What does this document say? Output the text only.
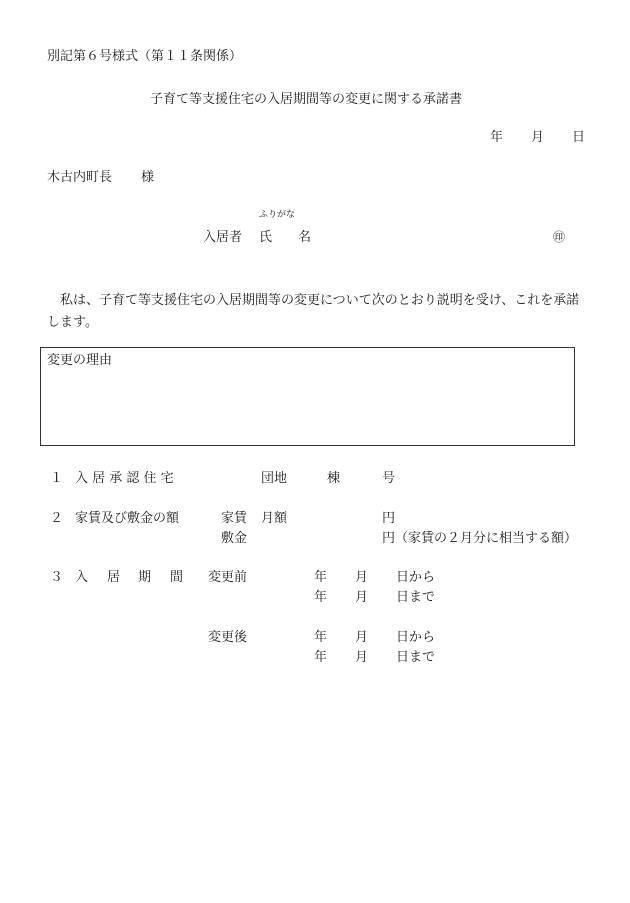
別記第６号様式（第１１条関係）
子育て等支援住宅の入居期間等の変更に関する承諾書
年 月 日
木古内町長 様
ふりがな
入居者 氏 名	㊞
私は、子育て等支援住宅の入居期間等の変更について次のとおり説明を受け、これを承諾します。
変更の理由
１ 入 居 承 認 住 宅	団地	棟	号
２ 家賃及び敷金の額	家賃 月額	円
敷金	円（家賃の２月分に相当する額）
３ 入 居 期 間 変更前	年 月 日から
年 月 日まで
変更後	年 月 日から
年 月 日まで
